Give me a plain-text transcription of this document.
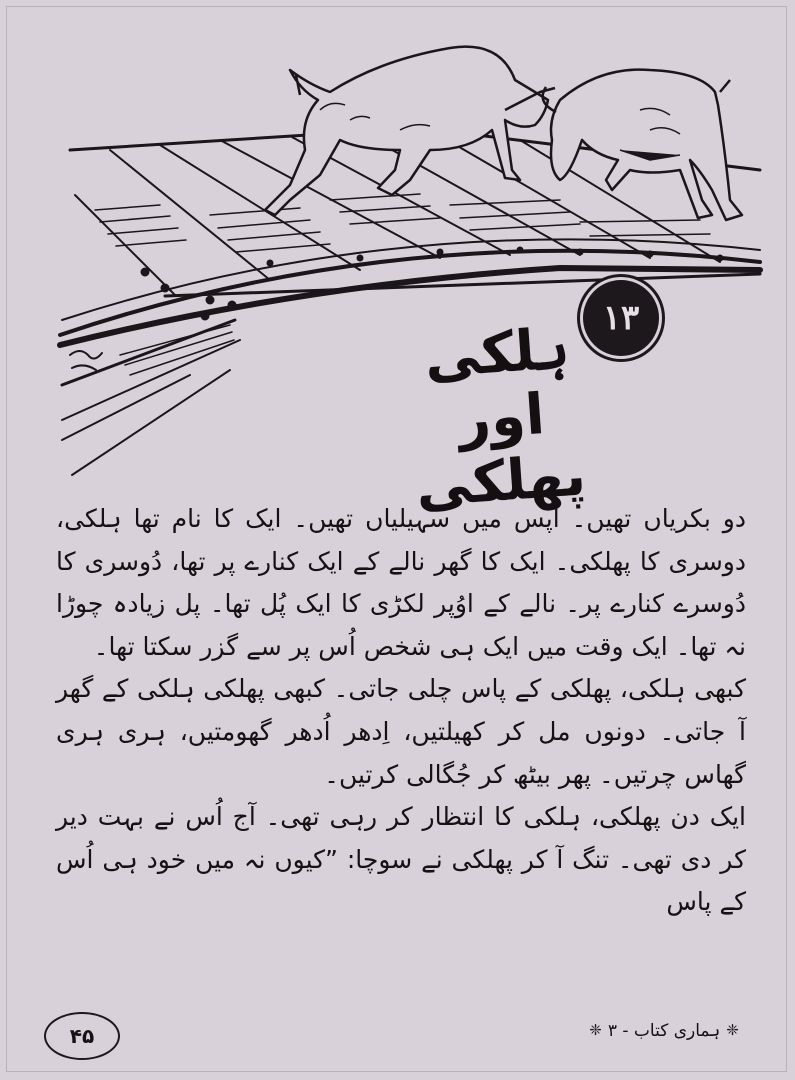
۱۳
ہلکی اور پھلکی

دو بکریاں تھیں۔ آپس میں سہیلیاں تھیں۔ ایک کا نام تھا ہلکی، دوسری کا پھلکی۔ ایک کا گھر نالے کے ایک کنارے پر تھا، دُوسری کا دُوسرے کنارے پر۔ نالے کے اوُپر لکڑی کا ایک پُل تھا۔ پل زیادہ چوڑا نہ تھا۔ ایک وقت میں ایک ہی شخص اُس پر سے گزر سکتا تھا۔

کبھی ہلکی، پھلکی کے پاس چلی جاتی۔ کبھی پھلکی ہلکی کے گھر آ جاتی۔ دونوں مل کر کھیلتیں، اِدھر اُدھر گھومتیں، ہری ہری گھاس چرتیں۔ پھر بیٹھ کر جُگالی کرتیں۔

ایک دن پھلکی، ہلکی کا انتظار کر رہی تھی۔ آج اُس نے بہت دیر کر دی تھی۔ تنگ آ کر پھلکی نے سوچا: ”کیوں نہ میں خود ہی اُس کے پاس

۴۵	❈
ہماری کتاب - ۳
❈
